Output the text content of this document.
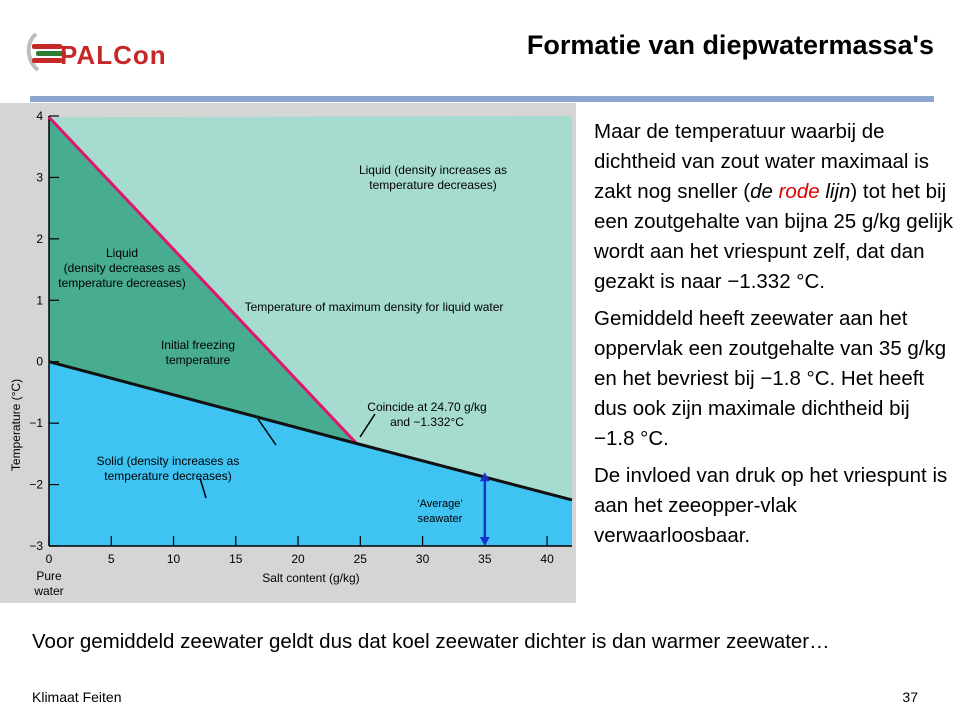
PALCon	Formatie van diepwatermassa's
4
3
2
1
0
−1
−2
−3
0	5	10	15	20	25	30	35	40
Liquid (density increases as
temperature decreases)
Liquid
(density decreases as
temperature decreases)
Temperature of maximum density for liquid water
Initial freezing
temperature
Coincide at 24.70 g/kg
and −1.332°C
Solid (density increases as
temperature decreases)
‘Average’
seawater
Pure
water
Salt content (g/kg)
Temperature (°C)

Maar de temperatuur waarbij de dichtheid van zout water maximaal is zakt nog sneller (de rode lijn) tot het bij een zoutgehalte van bijna 25 g/kg gelijk wordt aan het vriespunt zelf, dat dan gezakt is naar −1.332 °C.

Gemiddeld heeft zeewater aan het oppervlak een zoutgehalte van 35 g/kg en het bevriest bij −1.8 °C. Het heeft dus ook zijn maximale dichtheid bij −1.8 °C.

De invloed van druk op het vriespunt is aan het zeeopper-vlak verwaarloosbaar.

Voor gemiddeld zeewater geldt dus dat koel zeewater dichter is dan warmer zeewater…
Klimaat Feiten	37
